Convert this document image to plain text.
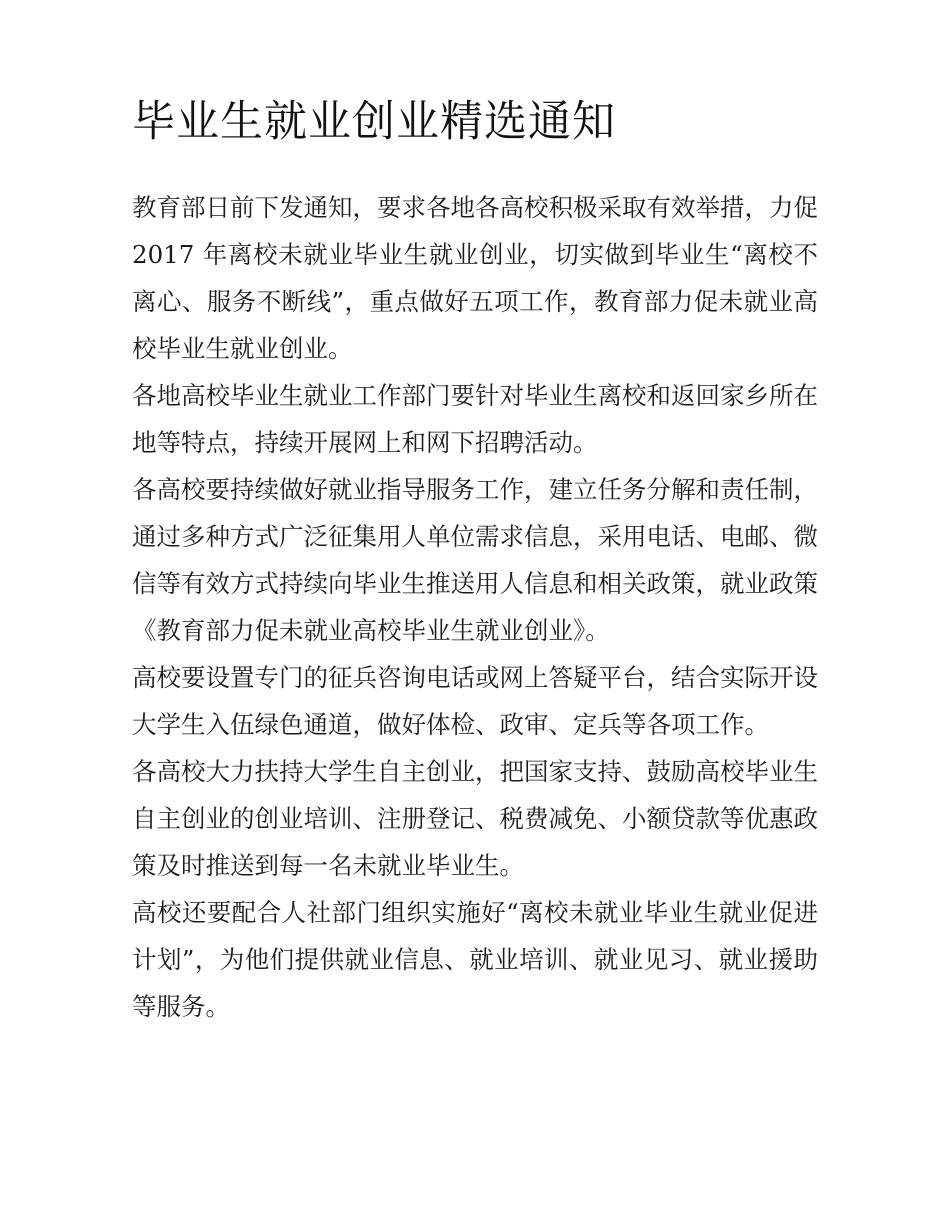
毕业生就业创业精选通知

教育部日前下发通知，要求各地各高校积极采取有效举措，力促 2017 年离校未就业毕业生就业创业，切实做到毕业生“离校不离心、服务不断线”，重点做好五项工作，教育部力促未就业高校毕业生就业创业。

各地高校毕业生就业工作部门要针对毕业生离校和返回家乡所在地等特点，持续开展网上和网下招聘活动。

各高校要持续做好就业指导服务工作，建立任务分解和责任制，通过多种方式广泛征集用人单位需求信息，采用电话、电邮、微信等有效方式持续向毕业生推送用人信息和相关政策，就业政策《教育部力促未就业高校毕业生就业创业》。

高校要设置专门的征兵咨询电话或网上答疑平台，结合实际开设大学生入伍绿色通道，做好体检、政审、定兵等各项工作。

各高校大力扶持大学生自主创业，把国家支持、鼓励高校毕业生自主创业的创业培训、注册登记、税费减免、小额贷款等优惠政策及时推送到每一名未就业毕业生。

高校还要配合人社部门组织实施好“离校未就业毕业生就业促进计划”，为他们提供就业信息、就业培训、就业见习、就业援助等服务。
